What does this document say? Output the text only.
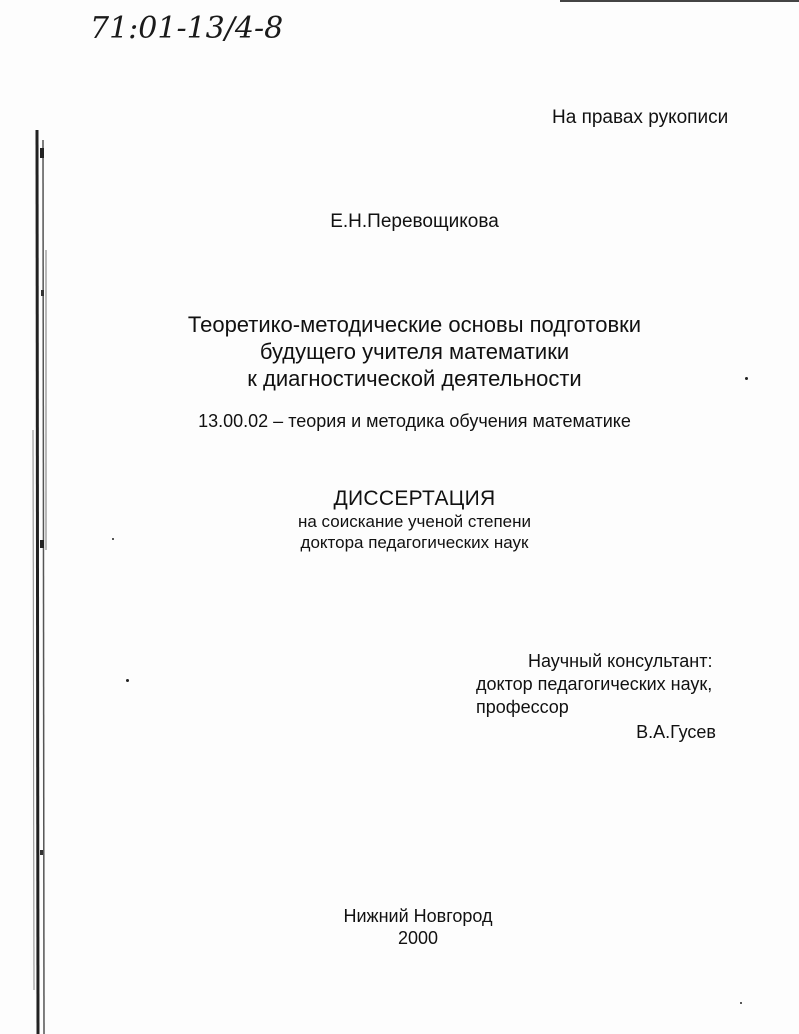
71:01-13/4-8
На правах рукописи
Е.Н.Перевощикова
Теоретико-методические основы подготовки
будущего учителя математики
к диагностической деятельности
13.00.02 – теория и методика обучения математике
ДИССЕРТАЦИЯ
на соискание ученой степени
доктора педагогических наук
Научный консультант:
доктор педагогических наук,
профессор
В.А.Гусев
Нижний Новгород
2000
